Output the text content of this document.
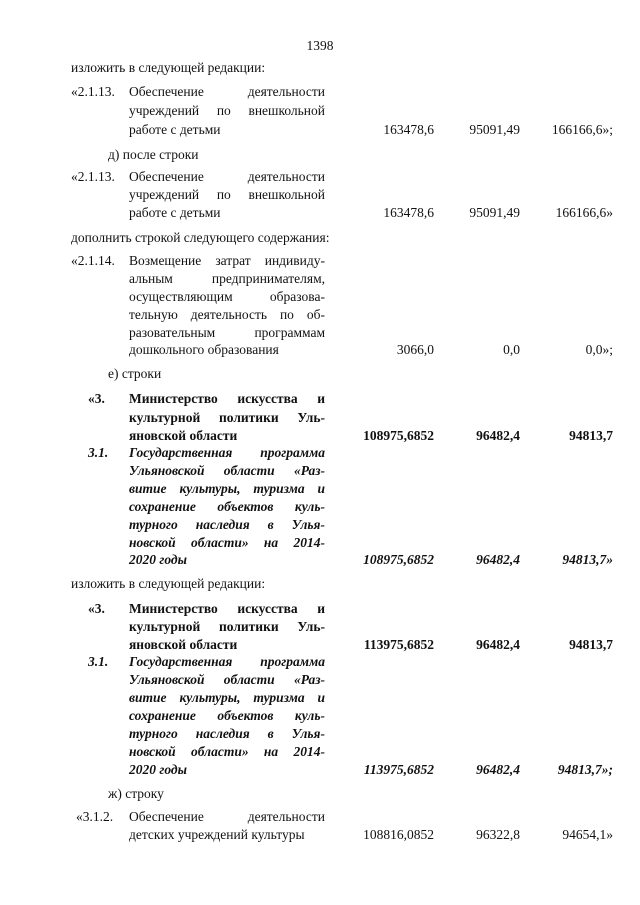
1398
изложить в следующей редакции:
«2.1.13. Обеспечение деятельности
учреждений по внешкольной
работе с детьми	163478,6	95091,49 166166,6»;
д) после строки
«2.1.13. Обеспечение деятельности
учреждений по внешкольной
работе с детьми	163478,6	95091,49	166166,6»
дополнить строкой следующего содержания:
«2.1.14. Возмещение затрат индивиду-
альным предпринимателям,
осуществляющим образова-
тельную деятельность по об-
разовательным программам
дошкольного образования	3066,0	0,0	0,0»;
е) строки
«3. Министерство искусства и
культурной политики Уль-
яновской области	108975,6852	96482,4	94813,7
3.1. Государственная программа
Ульяновской области «Раз-
витие культуры, туризма и
сохранение объектов куль-
турного наследия в Улья-
новской области» на 2014-
2020 годы	108975,6852	96482,4	94813,7»
изложить в следующей редакции:
«3. Министерство искусства и
культурной политики Уль-
яновской области	113975,6852	96482,4	94813,7
3.1. Государственная программа
Ульяновской области «Раз-
витие культуры, туризма и
сохранение объектов куль-
турного наследия в Улья-
новской области» на 2014-
2020 годы	113975,6852	96482,4	94813,7»;
ж) строку
«3.1.2. Обеспечение деятельности
детских учреждений культуры	108816,0852	96322,8	94654,1»
